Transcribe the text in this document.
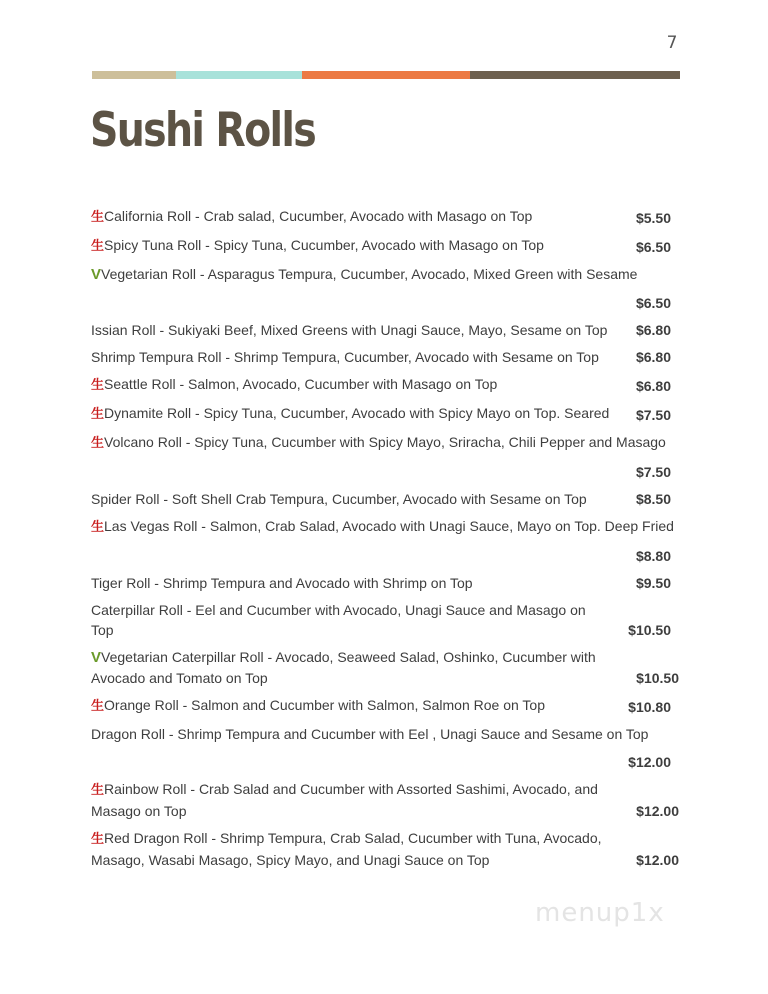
7
Sushi Rolls
生California Roll - Crab salad, Cucumber, Avocado with Masago on Top	$5.50
生Spicy Tuna Roll - Spicy Tuna, Cucumber, Avocado with Masago on Top	$6.50
VVegetarian Roll - Asparagus Tempura, Cucumber, Avocado, Mixed Green with Sesame
$6.50
Issian Roll - Sukiyaki Beef, Mixed Greens with Unagi Sauce, Mayo, Sesame on Top $6.80
Shrimp Tempura Roll - Shrimp Tempura, Cucumber, Avocado with Sesame on Top	$6.80
生Seattle Roll - Salmon, Avocado, Cucumber with Masago on Top	$6.80
生Dynamite Roll - Spicy Tuna, Cucumber, Avocado with Spicy Mayo on Top. Seared $7.50
生Volcano Roll - Spicy Tuna, Cucumber with Spicy Mayo, Sriracha, Chili Pepper and Masago
$7.50
Spider Roll - Soft Shell Crab Tempura, Cucumber, Avocado with Sesame on Top	$8.50
生Las Vegas Roll - Salmon, Crab Salad, Avocado with Unagi Sauce, Mayo on Top. Deep Fried
$8.80
Tiger Roll - Shrimp Tempura and Avocado with Shrimp on Top	$9.50
Caterpillar Roll - Eel and Cucumber with Avocado, Unagi Sauce and Masago on Top	$10.50
VVegetarian Caterpillar Roll - Avocado, Seaweed Salad, Oshinko, Cucumber with Avocado and Tomato on Top	$10.50
生Orange Roll - Salmon and Cucumber with Salmon, Salmon Roe on Top	$10.80
Dragon Roll - Shrimp Tempura and Cucumber with Eel , Unagi Sauce and Sesame on Top
$12.00
生Rainbow Roll - Crab Salad and Cucumber with Assorted Sashimi, Avocado, and Masago on Top	$12.00
生Red Dragon Roll - Shrimp Tempura, Crab Salad, Cucumber with Tuna, Avocado, Masago, Wasabi Masago, Spicy Mayo, and Unagi Sauce on Top	$12.00
menup1x
